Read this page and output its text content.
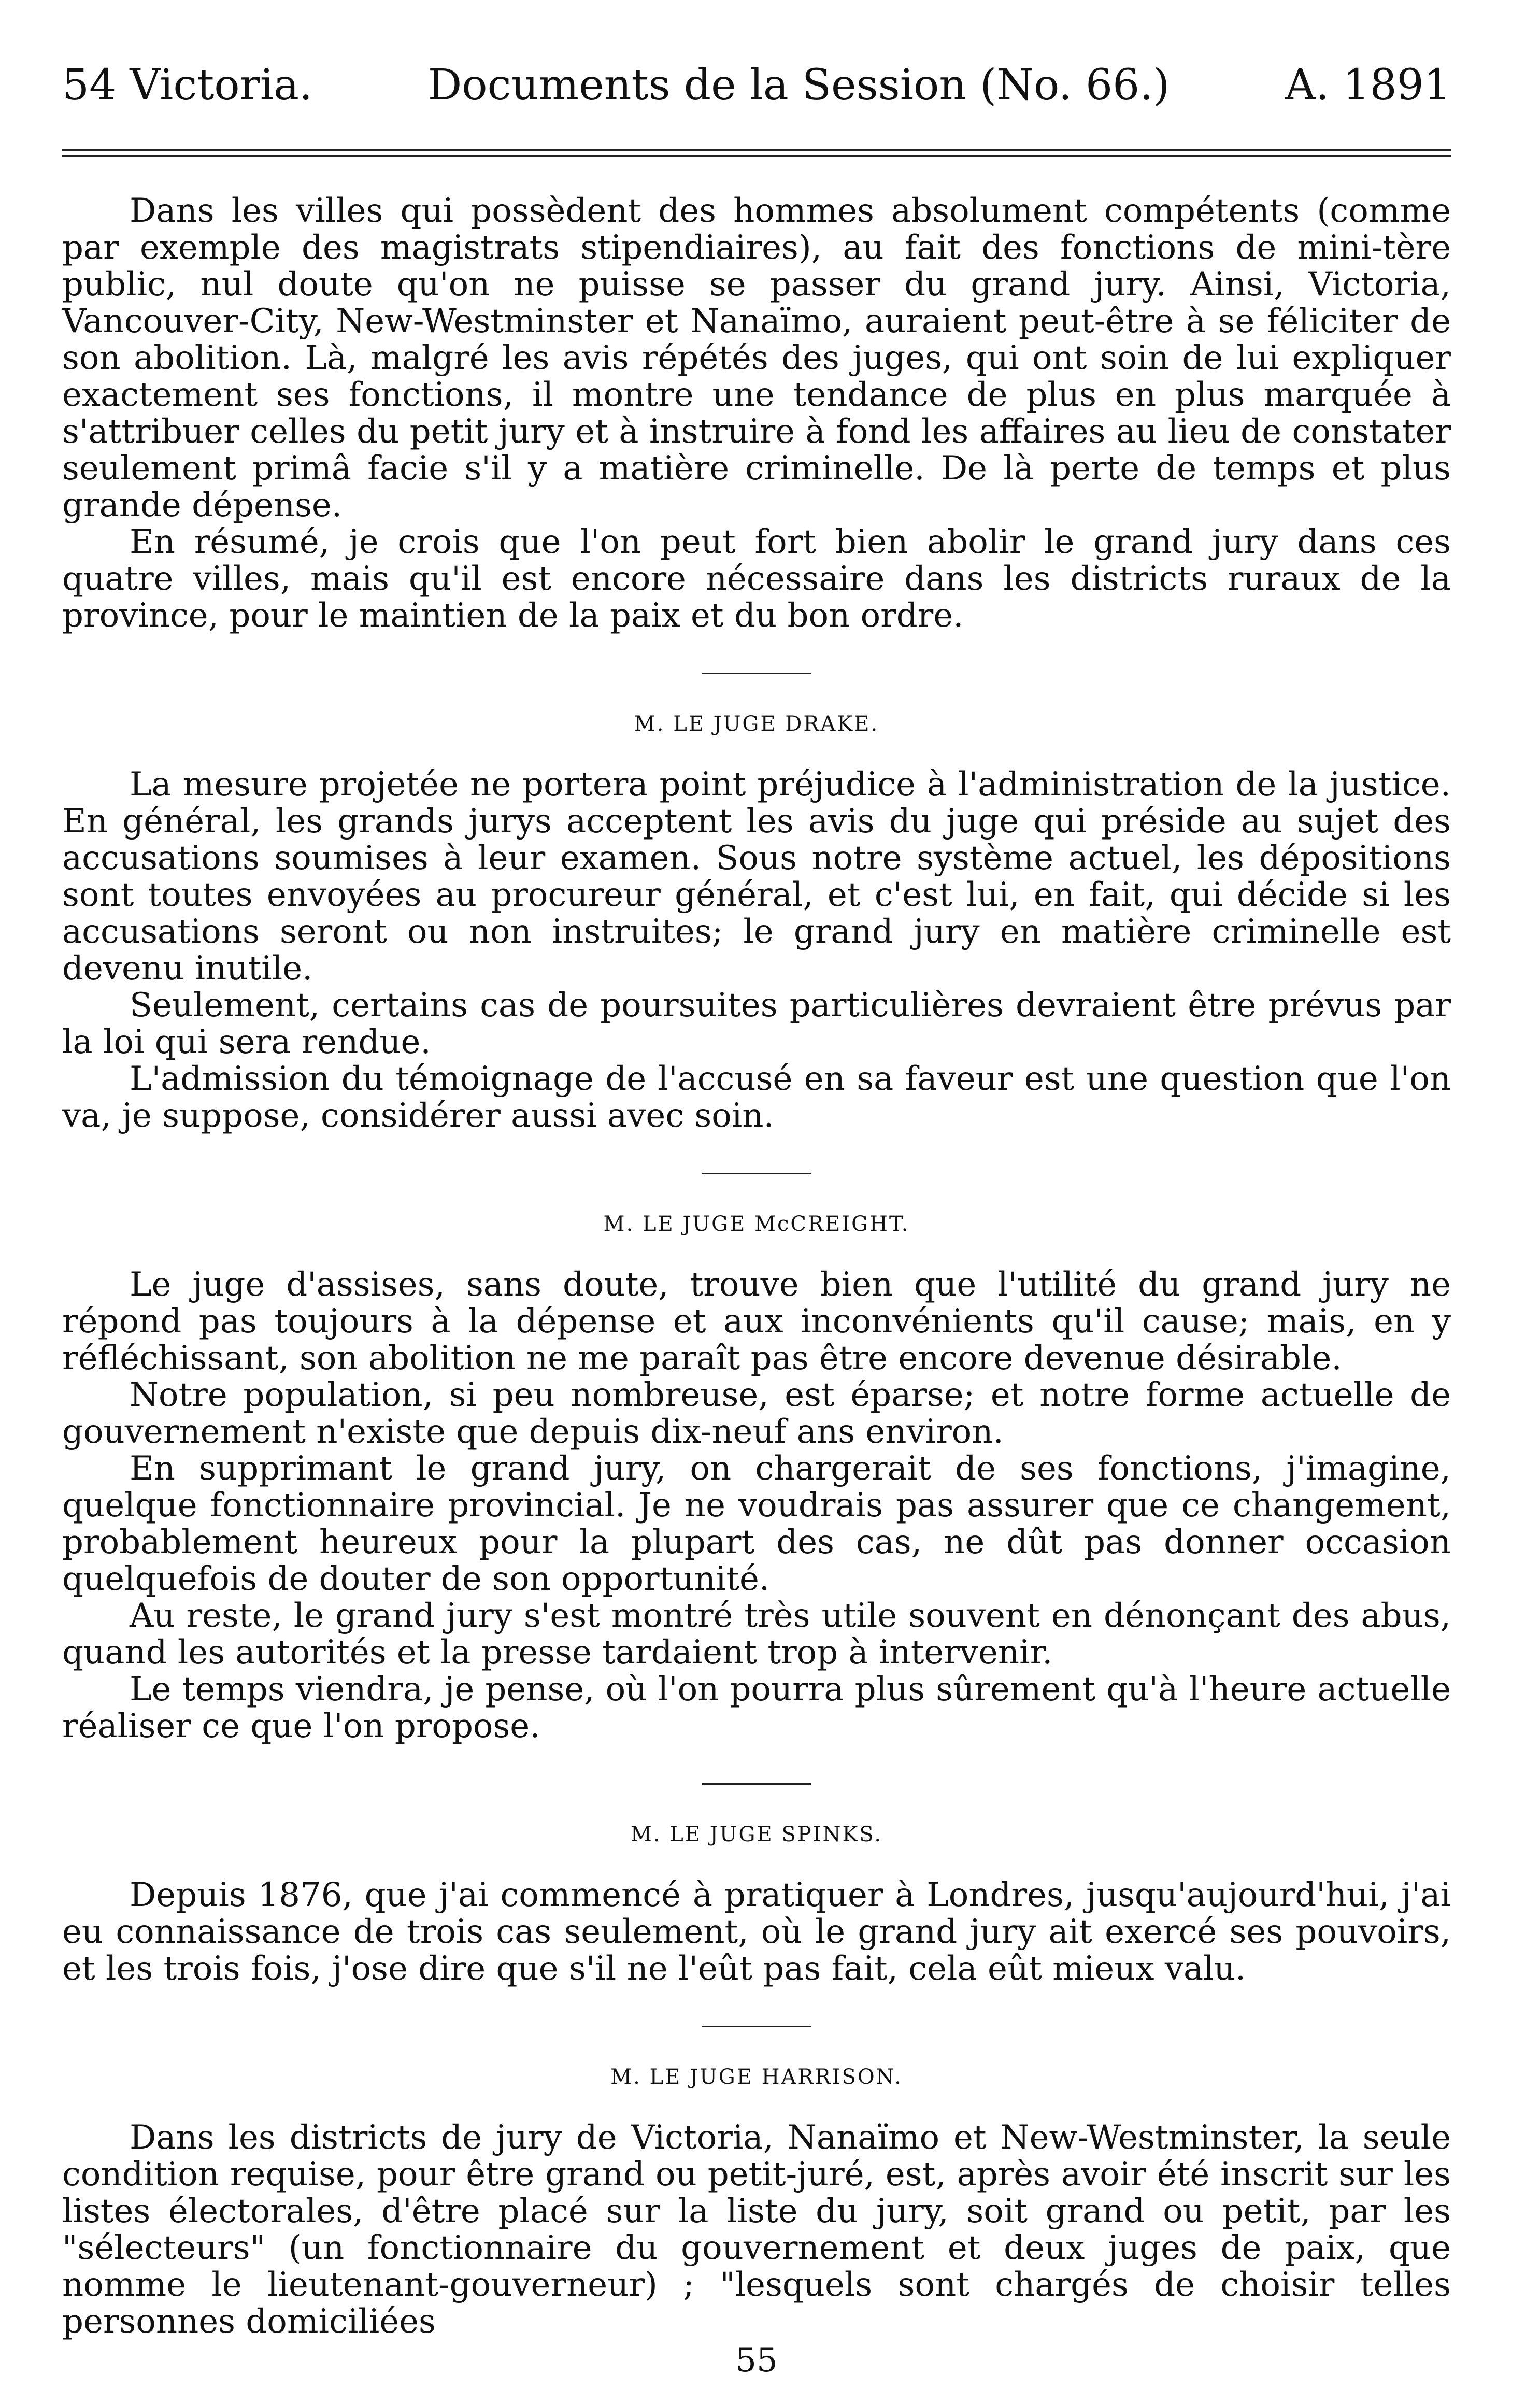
54 Victoria.	Documents de la Session (No. 66.)	A. 1891

Dans les villes qui possèdent des hommes absolument compétents (comme par exemple des magistrats stipendiaires), au fait des fonctions de mini-tère public, nul doute qu'on ne puisse se passer du grand jury. Ainsi, Victoria, Vancouver-City, New-Westminster et Nanaïmo, auraient peut-être à se féliciter de son abolition. Là, malgré les avis répétés des juges, qui ont soin de lui expliquer exactement ses fonctions, il montre une tendance de plus en plus marquée à s'attribuer celles du petit jury et à instruire à fond les affaires au lieu de constater seulement primâ facie s'il y a matière criminelle. De là perte de temps et plus grande dépense.

En résumé, je crois que l'on peut fort bien abolir le grand jury dans ces quatre villes, mais qu'il est encore nécessaire dans les districts ruraux de la province, pour le maintien de la paix et du bon ordre.

M. LE JUGE DRAKE.

La mesure projetée ne portera point préjudice à l'administration de la justice. En général, les grands jurys acceptent les avis du juge qui préside au sujet des accusations soumises à leur examen. Sous notre système actuel, les dépositions sont toutes envoyées au procureur général, et c'est lui, en fait, qui décide si les accusations seront ou non instruites; le grand jury en matière criminelle est devenu inutile.

Seulement, certains cas de poursuites particulières devraient être prévus par la loi qui sera rendue.

L'admission du témoignage de l'accusé en sa faveur est une question que l'on va, je suppose, considérer aussi avec soin.

M. LE JUGE McCREIGHT.

Le juge d'assises, sans doute, trouve bien que l'utilité du grand jury ne répond pas toujours à la dépense et aux inconvénients qu'il cause; mais, en y réfléchissant, son abolition ne me paraît pas être encore devenue désirable.

Notre population, si peu nombreuse, est éparse; et notre forme actuelle de gouvernement n'existe que depuis dix-neuf ans environ.

En supprimant le grand jury, on chargerait de ses fonctions, j'imagine, quelque fonctionnaire provincial. Je ne voudrais pas assurer que ce changement, probablement heureux pour la plupart des cas, ne dût pas donner occasion quelquefois de douter de son opportunité.

Au reste, le grand jury s'est montré très utile souvent en dénonçant des abus, quand les autorités et la presse tardaient trop à intervenir.

Le temps viendra, je pense, où l'on pourra plus sûrement qu'à l'heure actuelle réaliser ce que l'on propose.

M. LE JUGE SPINKS.

Depuis 1876, que j'ai commencé à pratiquer à Londres, jusqu'aujourd'hui, j'ai eu connaissance de trois cas seulement, où le grand jury ait exercé ses pouvoirs, et les trois fois, j'ose dire que s'il ne l'eût pas fait, cela eût mieux valu.

M. LE JUGE HARRISON.

Dans les districts de jury de Victoria, Nanaïmo et New-Westminster, la seule condition requise, pour être grand ou petit-juré, est, après avoir été inscrit sur les listes électorales, d'être placé sur la liste du jury, soit grand ou petit, par les "sélecteurs" (un fonctionnaire du gouvernement et deux juges de paix, que nomme le lieutenant-gouverneur) ; "lesquels sont chargés de choisir telles personnes domiciliées

55
